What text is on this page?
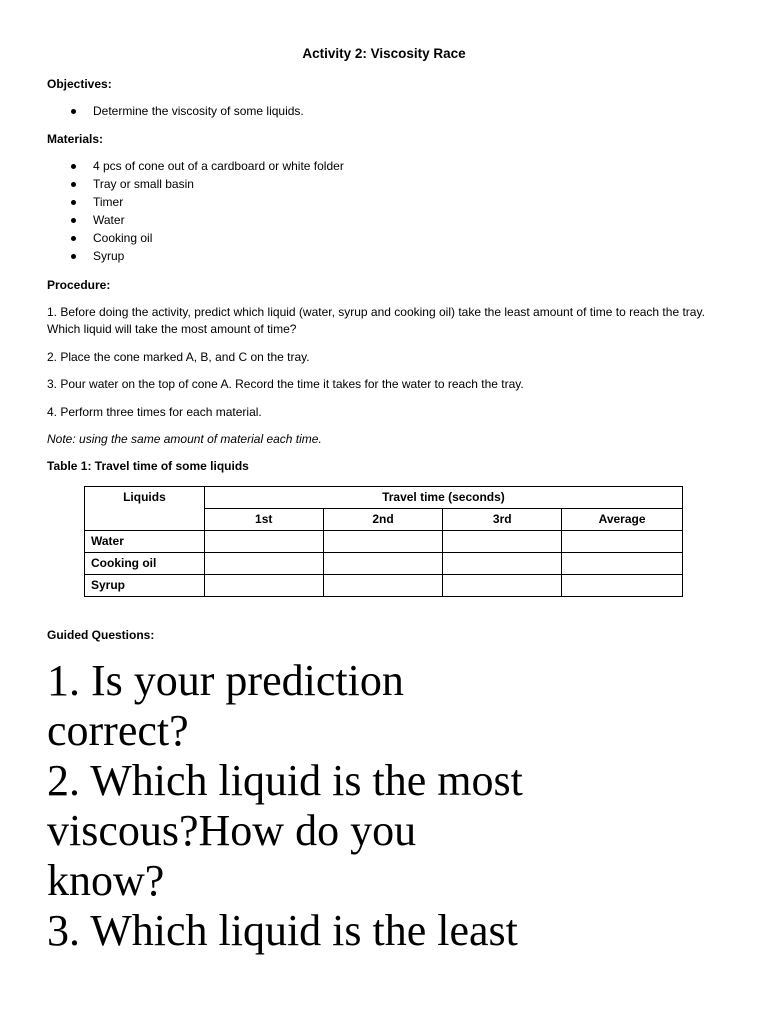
Activity 2: Viscosity Race
Objectives:
Determine the viscosity of some liquids.
Materials:
4 pcs of cone out of a cardboard or white folder
Tray or small basin
Timer
Water
Cooking oil
Syrup
Procedure:
1. Before doing the activity, predict which liquid (water, syrup and cooking oil) take the least amount of time to reach the tray. Which liquid will take the most amount of time?
2. Place the cone marked A, B, and C on the tray.
3. Pour water on the top of cone A. Record the time it takes for the water to reach the tray.
4. Perform three times for each material.
Note: using the same amount of material each time.
Table 1: Travel time of some liquids
Liquids	Travel time (seconds)			
	1st	2nd	3rd	Average
Water				
Cooking oil				
Syrup				
Guided Questions:
1. Is your prediction
correct?
2. Which liquid is the most
viscous?How do you
know?
3. Which liquid is the least
